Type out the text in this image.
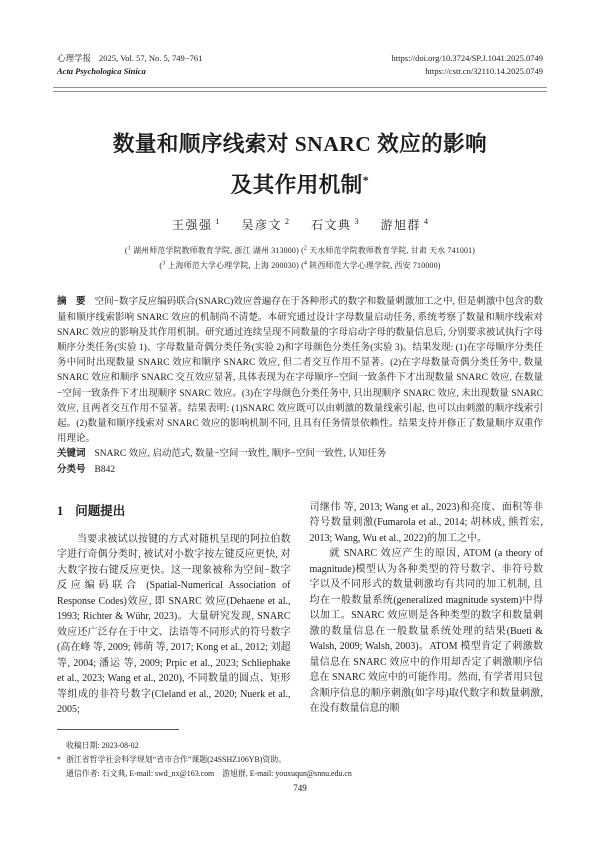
心理学报 2025, Vol. 57, No. 5, 749−761
Acta Psychologica Sinica
https://doi.org/10.3724/SP.J.1041.2025.0749
https://cstr.cn/32110.14.2025.0749
数量和顺序线索对 SNARC 效应的影响
及其作用机制*
王强强 $^1$ 吴彦文 $^2$ 石文典 $^3$ 游旭群 $^4$
($^1$ 湖州师范学院教师教育学院, 浙江 湖州 313000) ($^2$ 天水师范学院教师教育学院, 甘肃 天水 741001)
($^3$ 上海师范大学心理学院, 上海 200030) ($^4$ 陕西师范大学心理学院, 西安 710000)
摘　要 空间−数字反应编码联合(SNARC)效应普遍存在于各种形式的数字和数量刺激加工之中, 但是刺激中包含的数量和顺序线索影响 SNARC 效应的机制尚不清楚。本研究通过设计字母数量启动任务, 系统考察了数量和顺序线索对 SNARC 效应的影响及其作用机制。研究通过连续呈现不同数量的字母启动字母的数量信息后, 分别要求被试执行字母顺序分类任务(实验 1)、字母数量奇偶分类任务(实验 2)和字母颜色分类任务(实验 3)。结果发现: (1)在字母顺序分类任务中同时出现数量 SNARC 效应和顺序 SNARC 效应, 但二者交互作用不显著。(2)在字母数量奇偶分类任务中, 数量 SNARC 效应和顺序 SNARC 交互效应显著, 具体表现为在字母顺序−空间一致条件下才出现数量 SNARC 效应, 在数量−空间一致条件下才出现顺序 SNARC 效应。(3)在字母颜色分类任务中, 只出现顺序 SNARC 效应, 未出现数量 SNARC 效应, 且两者交互作用不显著。结果表明: (1)SNARC 效应既可以由刺激的数量线索引起, 也可以由刺激的顺序线索引起。(2)数量和顺序线索对 SNARC 效应的影响机制不同, 且具有任务情景依赖性。结果支持并修正了数量顺序双重作用理论。
关键词 SNARC 效应, 启动范式, 数量−空间一致性, 顺序−空间一致性, 认知任务
分类号 B842
1 问题提出

当要求被试以按键的方式对随机呈现的阿拉伯数字进行奇偶分类时, 被试对小数字按左键反应更快, 对大数字按右键反应更快。这一现象被称为空间−数字反应编码联合 (Spatial-Numerical Association of Response Codes)效应, 即 SNARC 效应(Dehaene et al., 1993; Richter & Wühr, 2023)。大量研究发现, SNARC 效应还广泛存在于中文、法语等不同形式的符号数字(高在峰 等, 2009; 韩萌 等, 2017; Kong et al., 2012; 刘超 等, 2004; 潘运 等, 2009; Prpic et al., 2023; Schliephake et al., 2023; Wang et al., 2020), 不同数量的圆点、矩形等组成的非符号数字(Cleland et al., 2020; Nuerk et al., 2005;

司继伟 等, 2013; Wang et al., 2023)和亮度、面积等非符号数量刺激(Fumarola et al., 2014; 胡林成, 熊哲宏, 2013; Wang, Wu et al., 2022)的加工之中。

就 SNARC 效应产生的原因, ATOM (a theory of magnitude)模型认为各种类型的符号数字、非符号数字以及不同形式的数量刺激均有共同的加工机制, 且均在一般数量系统(generalized magnitude system)中得以加工。SNARC 效应则是各种类型的数字和数量刺激的数量信息在一般数量系统处理的结果(Bueti & Walsh, 2009; Walsh, 2003)。ATOM 模型肯定了刺激数量信息在 SNARC 效应中的作用却否定了刺激顺序信息在 SNARC 效应中的可能作用。然而, 有学者用只包含顺序信息的顺序刺激(如字母)取代数字和数量刺激, 在没有数量信息的顺

收稿日期: 2023-08-02
* 浙江省哲学社会科学规划“省市合作”课题(24SSHZ106YB)资助。
通信作者: 石文典, E-mail: swd_nx@163.com　游旭群, E-mail: youxuqun@snnu.edu.cn
749
